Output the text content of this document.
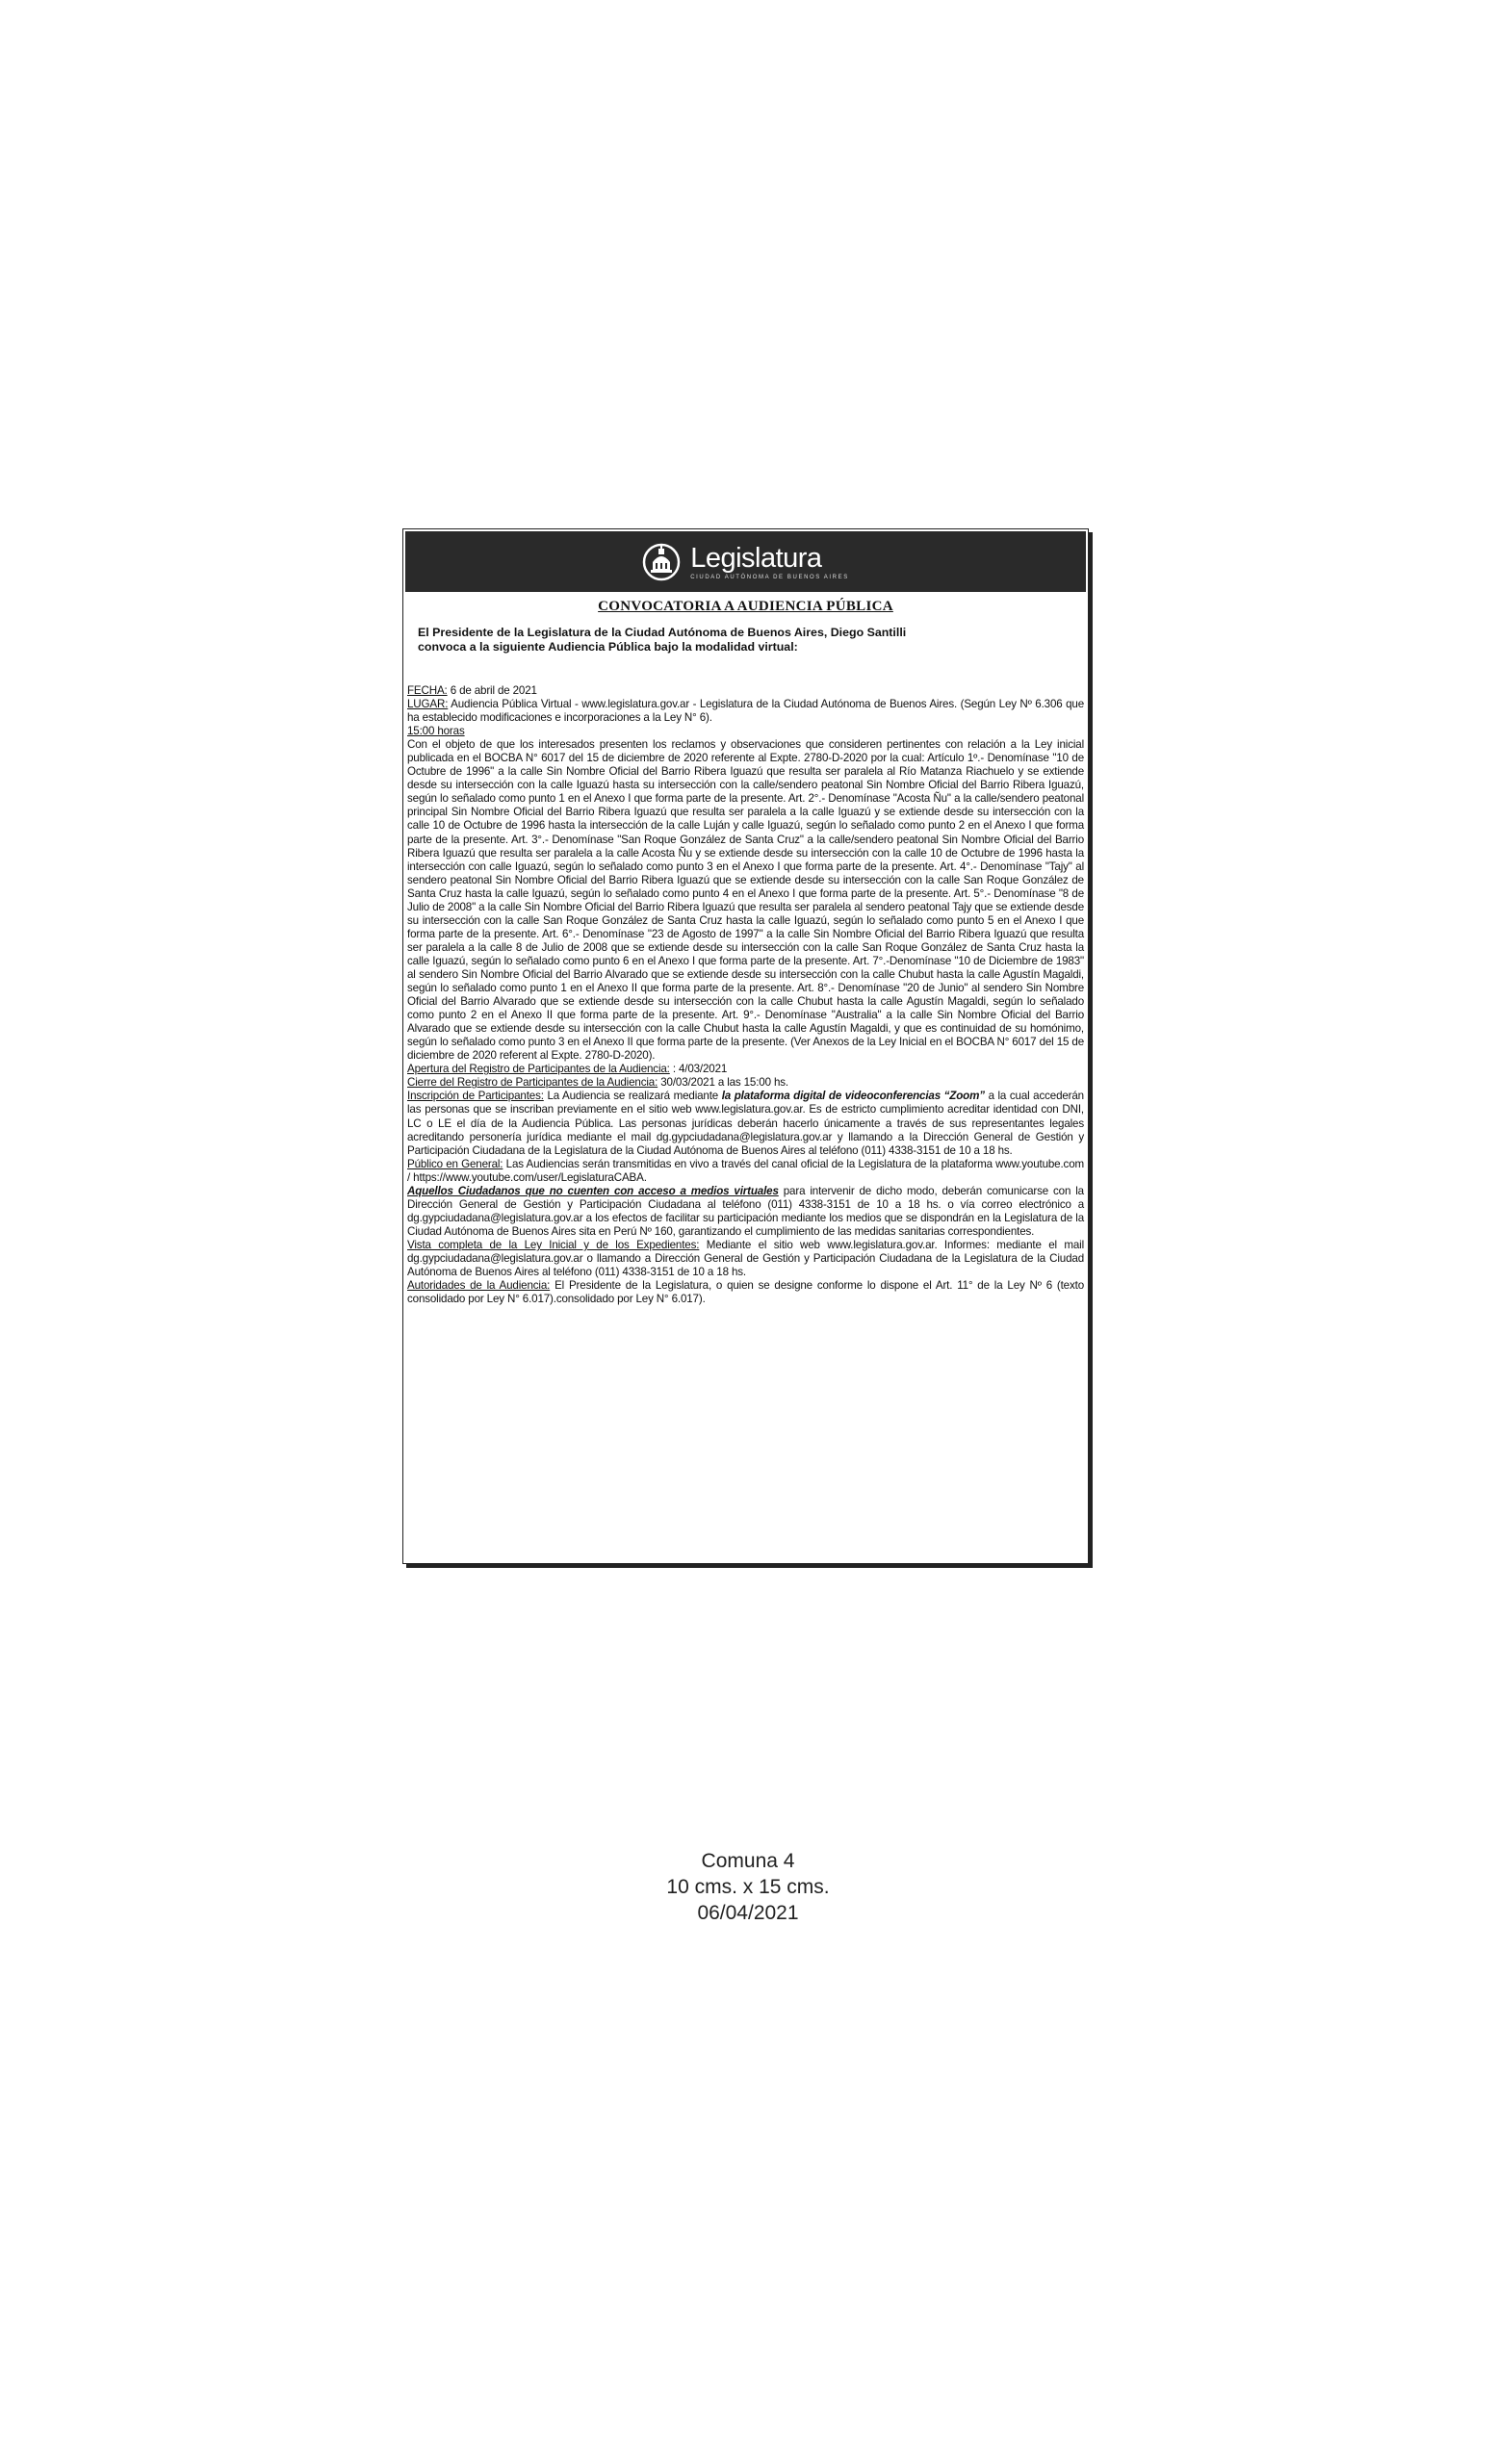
Legislatura
CIUDAD AUTÓNOMA DE BUENOS AIRES
CONVOCATORIA A AUDIENCIA PÚBLICA
El Presidente de la Legislatura de la Ciudad Autónoma de Buenos Aires, Diego Santilli
convoca a la siguiente Audiencia Pública bajo la modalidad virtual:

FECHA: 6 de abril de 2021

LUGAR: Audiencia Pública Virtual - www.legislatura.gov.ar - Legislatura de la Ciudad Autónoma de Buenos Aires. (Según Ley Nº 6.306 que ha establecido modificaciones e incorporaciones a la Ley N° 6).

15:00 horas

Con el objeto de que los interesados presenten los reclamos y observaciones que consideren pertinentes con relación a la Ley inicial publicada en el BOCBA N° 6017 del 15 de diciembre de 2020 referente al Expte. 2780-D-2020 por la cual: Artículo 1º.- Denomínase "10 de Octubre de 1996" a la calle Sin Nombre Oficial del Barrio Ribera Iguazú que resulta ser paralela al Río Matanza Riachuelo y se extiende desde su intersección con la calle Iguazú hasta su intersección con la calle/sendero peatonal Sin Nombre Oficial del Barrio Ribera Iguazú, según lo señalado como punto 1 en el Anexo I que forma parte de la presente. Art. 2°.- Denomínase "Acosta Ñu" a la calle/sendero peatonal principal Sin Nombre Oficial del Barrio Ribera Iguazú que resulta ser paralela a la calle Iguazú y se extiende desde su intersección con la calle 10 de Octubre de 1996 hasta la intersección de la calle Luján y calle Iguazú, según lo señalado como punto 2 en el Anexo I que forma parte de la presente. Art. 3°.- Denomínase "San Roque González de Santa Cruz" a la calle/sendero peatonal Sin Nombre Oficial del Barrio Ribera Iguazú que resulta ser paralela a la calle Acosta Ñu y se extiende desde su intersección con la calle 10 de Octubre de 1996 hasta la intersección con calle Iguazú, según lo señalado como punto 3 en el Anexo I que forma parte de la presente. Art. 4°.- Denomínase "Tajy" al sendero peatonal Sin Nombre Oficial del Barrio Ribera Iguazú que se extiende desde su intersección con la calle San Roque González de Santa Cruz hasta la calle Iguazú, según lo señalado como punto 4 en el Anexo I que forma parte de la presente. Art. 5°.- Denomínase "8 de Julio de 2008" a la calle Sin Nombre Oficial del Barrio Ribera Iguazú que resulta ser paralela al sendero peatonal Tajy que se extiende desde su intersección con la calle San Roque González de Santa Cruz hasta la calle Iguazú, según lo señalado como punto 5 en el Anexo I que forma parte de la presente. Art. 6°.- Denomínase "23 de Agosto de 1997" a la calle Sin Nombre Oficial del Barrio Ribera Iguazú que resulta ser paralela a la calle 8 de Julio de 2008 que se extiende desde su intersección con la calle San Roque González de Santa Cruz hasta la calle Iguazú, según lo señalado como punto 6 en el Anexo I que forma parte de la presente. Art. 7°.-Denomínase "10 de Diciembre de 1983" al sendero Sin Nombre Oficial del Barrio Alvarado que se extiende desde su intersección con la calle Chubut hasta la calle Agustín Magaldi, según lo señalado como punto 1 en el Anexo II que forma parte de la presente. Art. 8°.- Denomínase "20 de Junio" al sendero Sin Nombre Oficial del Barrio Alvarado que se extiende desde su intersección con la calle Chubut hasta la calle Agustín Magaldi, según lo señalado como punto 2 en el Anexo II que forma parte de la presente. Art. 9°.- Denomínase "Australia" a la calle Sin Nombre Oficial del Barrio Alvarado que se extiende desde su intersección con la calle Chubut hasta la calle Agustín Magaldi, y que es continuidad de su homónimo, según lo señalado como punto 3 en el Anexo II que forma parte de la presente. (Ver Anexos de la Ley Inicial en el BOCBA N° 6017 del 15 de diciembre de 2020 referent al Expte. 2780-D-2020).

Apertura del Registro de Participantes de la Audiencia: : 4/03/2021

Cierre del Registro de Participantes de la Audiencia: 30/03/2021 a las 15:00 hs.

Inscripción de Participantes: La Audiencia se realizará mediante la plataforma digital de videoconferencias “Zoom” a la cual accederán las personas que se inscriban previamente en el sitio web www.legislatura.gov.ar. Es de estricto cumplimiento acreditar identidad con DNI, LC o LE el día de la Audiencia Pública. Las personas jurídicas deberán hacerlo únicamente a través de sus representantes legales acreditando personería jurídica mediante el mail dg.gypciudadana@legislatura.gov.ar y llamando a la Dirección General de Gestión y Participación Ciudadana de la Legislatura de la Ciudad Autónoma de Buenos Aires al teléfono (011) 4338-3151 de 10 a 18 hs.

Público en General: Las Audiencias serán transmitidas en vivo a través del canal oficial de la Legislatura de la plataforma www.youtube.com / https://www.youtube.com/user/LegislaturaCABA.

Aquellos Ciudadanos que no cuenten con acceso a medios virtuales para intervenir de dicho modo, deberán comunicarse con la Dirección General de Gestión y Participación Ciudadana al teléfono (011) 4338-3151 de 10 a 18 hs. o vía correo electrónico a dg.gypciudadana@legislatura.gov.ar a los efectos de facilitar su participación mediante los medios que se dispondrán en la Legislatura de la Ciudad Autónoma de Buenos Aires sita en Perú Nº 160, garantizando el cumplimiento de las medidas sanitarias correspondientes.

Vista completa de la Ley Inicial y de los Expedientes: Mediante el sitio web www.legislatura.gov.ar. Informes: mediante el mail dg.gypciudadana@legislatura.gov.ar o llamando a Dirección General de Gestión y Participación Ciudadana de la Legislatura de la Ciudad Autónoma de Buenos Aires al teléfono (011) 4338-3151 de 10 a 18 hs.

Autoridades de la Audiencia: El Presidente de la Legislatura, o quien se designe conforme lo dispone el Art. 11° de la Ley Nº 6 (texto consolidado por Ley N° 6.017).consolidado por Ley N° 6.017).

Comuna 4
10 cms. x 15 cms.
06/04/2021
